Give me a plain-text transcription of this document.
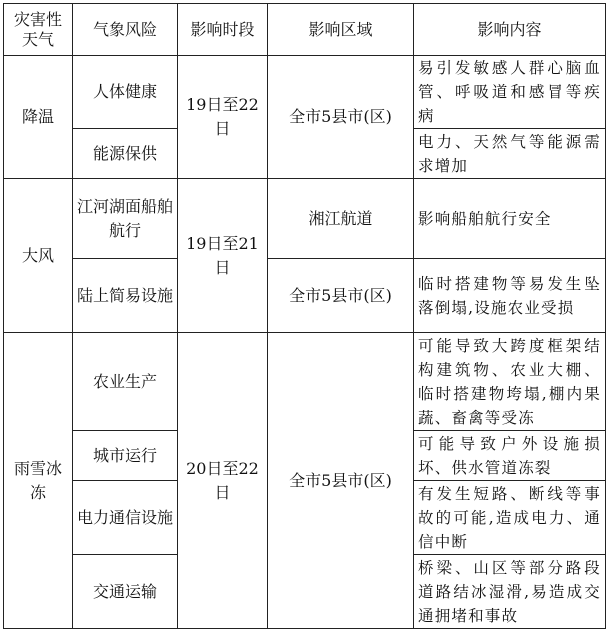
灾害性天气	气象风险	影响时段	影响区域	影响内容
降温	人体健康	19日至22日	全市5县市(区)	易引发敏感人群心脑血管、呼吸道和感冒等疾病
	能源保供			电力、天然气等能源需求增加
大风	江河湖面船舶航行	19日至21日	湘江航道	影响船舶航行安全
	陆上简易设施		全市5县市(区)	临时搭建物等易发生坠落倒塌,设施农业受损
雨雪冰冻	农业生产	20日至22日	全市5县市(区)	可能导致大跨度框架结构建筑物、农业大棚、临时搭建物垮塌,棚内果蔬、畜禽等受冻
	城市运行			可能导致户外设施损坏、供水管道冻裂
	电力通信设施			有发生短路、断线等事故的可能,造成电力、通信中断
	交通运输			桥梁、山区等部分路段道路结冰湿滑,易造成交通拥堵和事故
